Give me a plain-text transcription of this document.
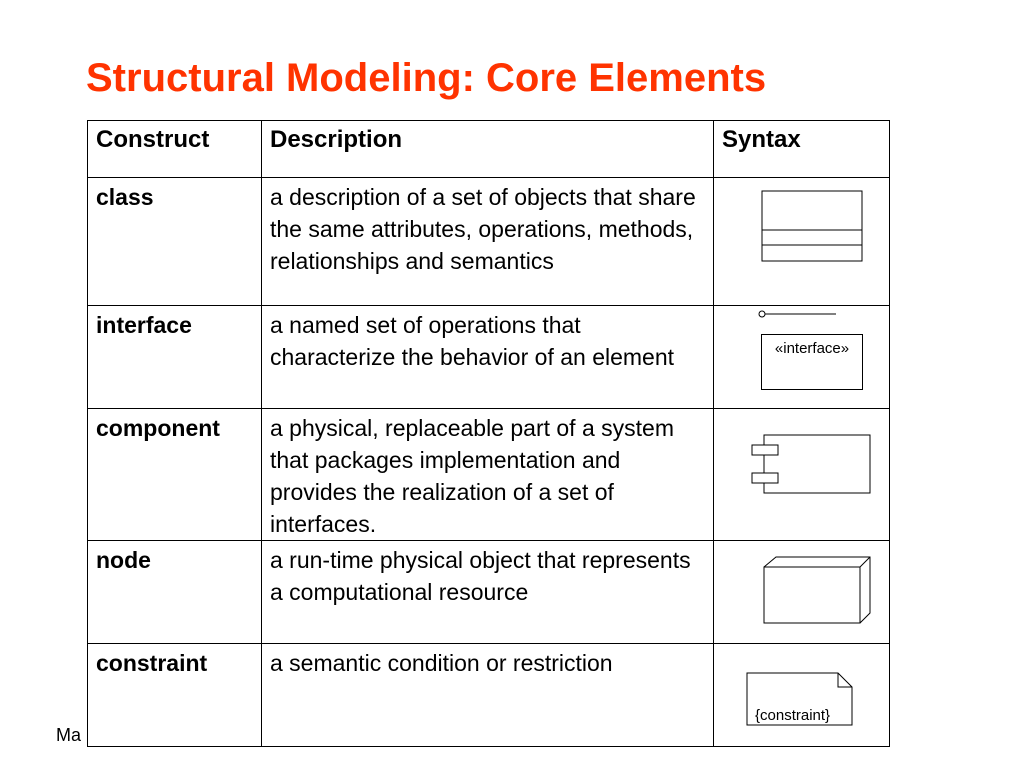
Structural Modeling: Core Elements
Ma
Construct	Description	Syntax

class	a description of a set of objects that share the same attributes, operations, methods, relationships and semantics	

interface	a named set of operations that characterize the behavior of an element	«interface»

component	a physical, replaceable part of a system that packages implementation and provides the realization of a set of interfaces.	

node	a run-time physical object that represents a computational resource	

constraint	a semantic condition or restriction	{constraint}
